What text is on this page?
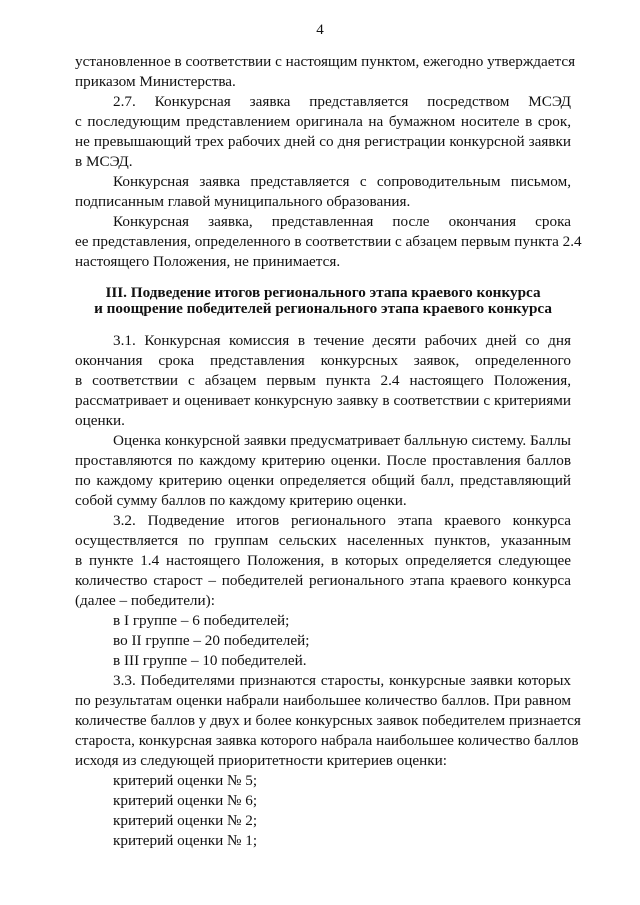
4
установленное в соответствии с настоящим пунктом, ежегодно утверждается
приказом Министерства.
2.7. Конкурсная заявка представляется посредством МСЭД
с последующим представлением оригинала на бумажном носителе в срок,
не превышающий трех рабочих дней со дня регистрации конкурсной заявки
в МСЭД.
Конкурсная заявка представляется с сопроводительным письмом,
подписанным главой муниципального образования.
Конкурсная заявка, представленная после окончания срока
ее представления, определенного в соответствии с абзацем первым пункта 2.4
настоящего Положения, не принимается.
III. Подведение итогов регионального этапа краевого конкурса
и поощрение победителей регионального этапа краевого конкурса
3.1. Конкурсная комиссия в течение десяти рабочих дней со дня
окончания срока представления конкурсных заявок, определенного
в соответствии с абзацем первым пункта 2.4 настоящего Положения,
рассматривает и оценивает конкурсную заявку в соответствии с критериями
оценки.
Оценка конкурсной заявки предусматривает балльную систему. Баллы
проставляются по каждому критерию оценки. После проставления баллов
по каждому критерию оценки определяется общий балл, представляющий
собой сумму баллов по каждому критерию оценки.
3.2. Подведение итогов регионального этапа краевого конкурса
осуществляется по группам сельских населенных пунктов, указанным
в пункте 1.4 настоящего Положения, в которых определяется следующее
количество старост – победителей регионального этапа краевого конкурса
(далее – победители):
в I группе – 6 победителей;
во II группе – 20 победителей;
в III группе – 10 победителей.
3.3. Победителями признаются старосты, конкурсные заявки которых
по результатам оценки набрали наибольшее количество баллов. При равном
количестве баллов у двух и более конкурсных заявок победителем признается
староста, конкурсная заявка которого набрала наибольшее количество баллов
исходя из следующей приоритетности критериев оценки:
критерий оценки № 5;
критерий оценки № 6;
критерий оценки № 2;
критерий оценки № 1;
